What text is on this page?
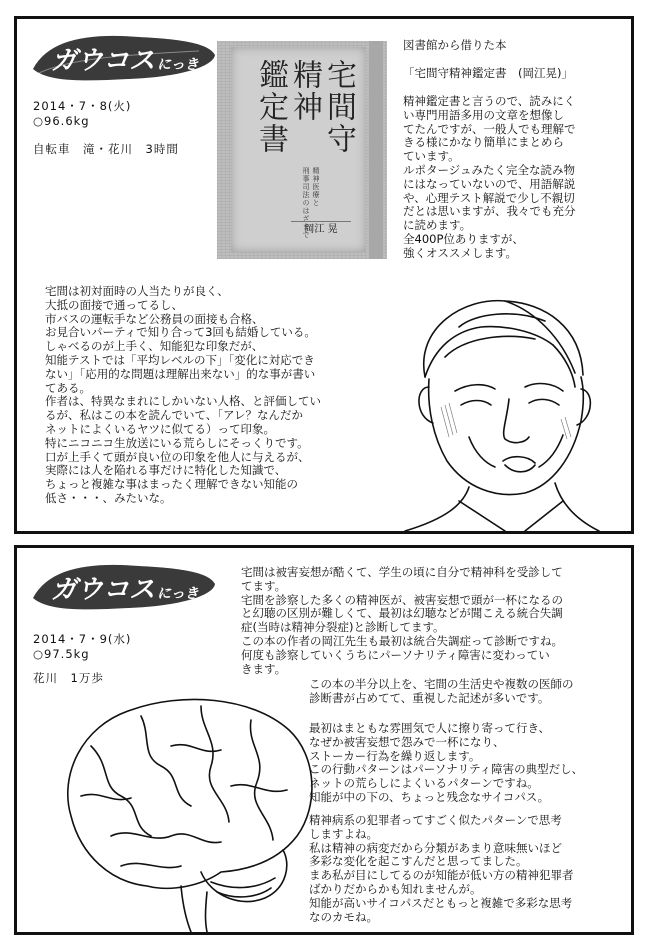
ガウコス にっき
2014・7・8(火)
○96.6kg
自転車　滝・花川　3時間	宅間守
精神
鑑定書
精神医療と
刑事司法のはざまで
岡江 晃
図書館から借りた本
「宅間守精神鑑定書　(岡江晃)」
精神鑑定書と言うので、読みにく
い専門用語多用の文章を想像し
てたんですが、一般人でも理解で
きる様にかなり簡単にまとめら
ています。
ルポタージュみたく完全な読み物
にはなっていないので、用語解説
や、心理テスト解説で少し不親切
だとは思いますが、我々でも充分
に読めます。
全400P位ありますが、
強くオススメします。
宅間は初対面時の人当たりが良く、
大抵の面接で通ってるし、
市バスの運転手など公務員の面接も合格、
お見合いパーティで知り合って3回も結婚している。
しゃべるのが上手く、知能犯な印象だが、
知能テストでは「平均レベルの下」「変化に対応でき
ない」「応用的な問題は理解出来ない」的な事が書い
てある。
作者は、特異なまれにしかいない人格、と評価してい
るが、私はこの本を読んでいて、「アレ？なんだか
ネットによくいるヤツに似てる）って印象。
特にニコニコ生放送にいる荒らしにそっくりです。
口が上手くて頭が良い位の印象を他人に与えるが、
実際には人を陥れる事だけに特化した知識で、
ちょっと複雑な事はまったく理解できない知能の
低さ・・・、みたいな。
ガウコス にっき
2014・7・9(水)
○97.5kg
花川　1万歩
宅間は被害妄想が酷くて、学生の頃に自分で精神科を受診して
てます。
宅間を診察した多くの精神医が、被害妄想で頭が一杯になるの
と幻聴の区別が難しくて、最初は幻聴などが聞こえる統合失調
症(当時は精神分裂症)と診断してます。
この本の作者の岡江先生も最初は統合失調症って診断ですね。
何度も診察していくうちにパーソナリティ障害に変わってい
きます。
この本の半分以上を、宅間の生活史や複数の医師の
診断書が占めてて、重視した記述が多いです。
最初はまともな雰囲気で人に擦り寄って行き、
なぜか被害妄想で怨みで一杯になり、
ストーカー行為を繰り返します。
この行動パターンはパーソナリティ障害の典型だし、
ネットの荒らしによくいるパターンですね。
知能が中の下の、ちょっと残念なサイコパス。
精神病系の犯罪者ってすごく似たパターンで思考
しますよね。
私は精神の病変だから分類があまり意味無いほど
多彩な変化を起こすんだと思ってました。
まあ私が目にしてるのが知能が低い方の精神犯罪者
ばかりだからかも知れませんが。
知能が高いサイコパスだともっと複雑で多彩な思考
なのカモね。
